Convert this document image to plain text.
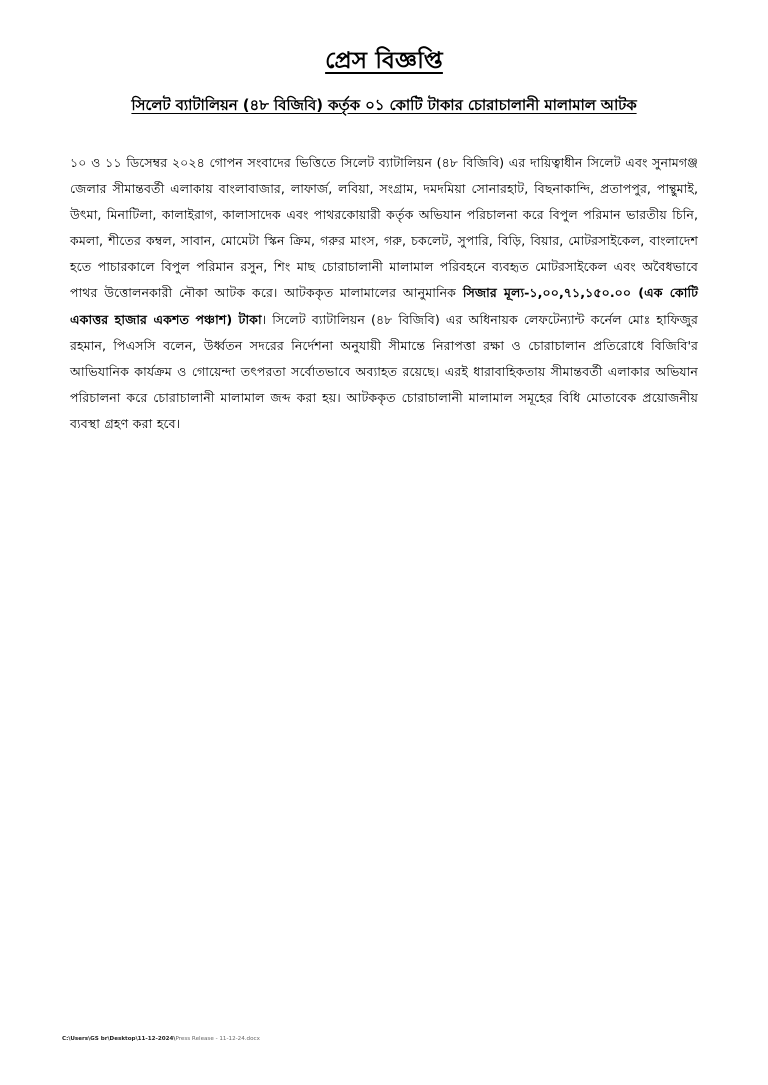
প্রেস বিজ্ঞপ্তি
সিলেট ব্যাটালিয়ন (৪৮ বিজিবি) কর্তৃক ০১ কোটি টাকার চোরাচালানী মালামাল আটক
১০ ও ১১ ডিসেম্বর ২০২৪ গোপন সংবাদের ভিত্তিতে সিলেট ব্যাটালিয়ন (৪৮ বিজিবি) এর দায়িত্বাধীন সিলেট এবং সুনামগঞ্জ জেলার সীমান্তবর্তী এলাকায় বাংলাবাজার, লাফার্জ, লবিয়া, সংগ্রাম, দমদমিয়া সোনারহাট, বিছনাকান্দি, প্রতাপপুর, পান্থুমাই, উৎমা, মিনাটিলা, কালাইরাগ, কালাসাদেক এবং পাথরকোয়ারী কর্তৃক অভিযান পরিচালনা করে বিপুল পরিমান ভারতীয় চিনি, কমলা, শীতের কম্বল, সাবান, মোমেটা স্কিন ক্রিম, গরুর মাংস, গরু, চকলেট, সুপারি, বিড়ি, বিয়ার, মোটরসাইকেল, বাংলাদেশ হতে পাচারকালে বিপুল পরিমান রসুন, শিং মাছ চোরাচালানী মালামাল পরিবহনে ব্যবহৃত মোটরসাইকেল এবং অবৈধভাবে পাথর উত্তোলনকারী নৌকা আটক করে। আটককৃত মালামালের আনুমানিক সিজার মূল্য-১,০০,৭১,১৫০.০০ (এক কোটি একাত্তর হাজার একশত পঞ্চাশ) টাকা। সিলেট ব্যাটালিয়ন (৪৮ বিজিবি) এর অধিনায়ক লেফটেন্যান্ট কর্নেল মোঃ হাফিজুর রহমান, পিএসসি বলেন, উর্ধ্বতন সদরের নির্দেশনা অনুযায়ী সীমান্তে নিরাপত্তা রক্ষা ও চোরাচালান প্রতিরোধে বিজিবি'র আভিযানিক কার্যক্রম ও গোয়েন্দা তৎপরতা সর্বোতভাবে অব্যাহত রয়েছে। এরই ধারাবাহিকতায় সীমান্তবর্তী এলাকার অভিযান পরিচালনা করে চোরাচালানী মালামাল জব্দ করা হয়। আটককৃত চোরাচালানী মালামাল সমূহের বিধি মোতাবেক প্রয়োজনীয় ব্যবস্থা গ্রহণ করা হবে।
C:\Users\GS br\Desktop\11-12-2024\Press Release - 11-12-24.docx
